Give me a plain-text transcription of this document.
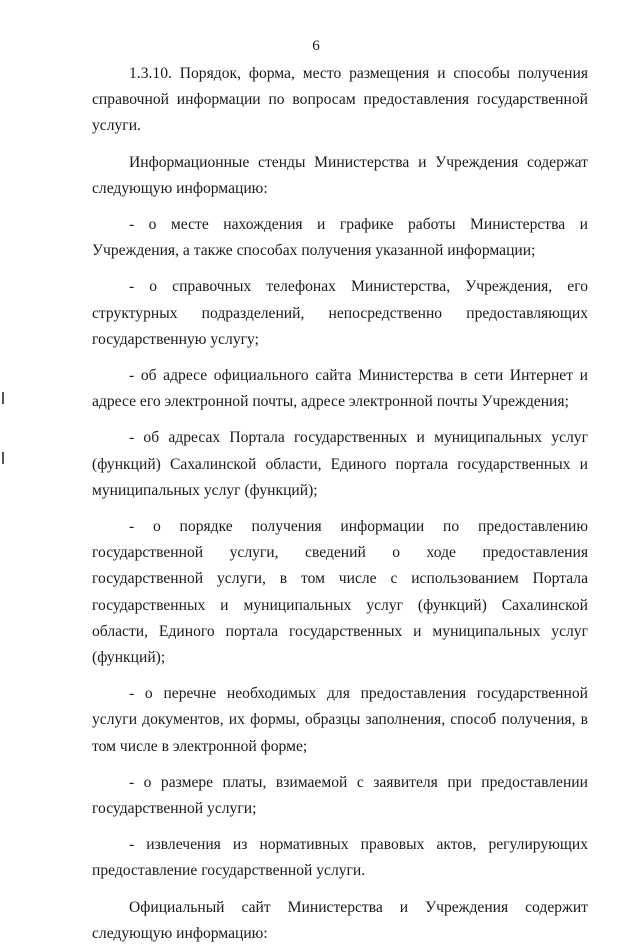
6

1.3.10. Порядок, форма, место размещения и способы получения справочной информации по вопросам предоставления государственной услуги.

Информационные стенды Министерства и Учреждения содержат следующую информацию:

- о месте нахождения и графике работы Министерства и Учреждения, а также способах получения указанной информации;

- о справочных телефонах Министерства, Учреждения, его структурных подразделений, непосредственно предоставляющих государственную услугу;

- об адресе официального сайта Министерства в сети Интернет и адресе его электронной почты, адресе электронной почты Учреждения;

- об адресах Портала государственных и муниципальных услуг (функций) Сахалинской области, Единого портала государственных и муниципальных услуг (функций);

- о порядке получения информации по предоставлению государственной услуги, сведений о ходе предоставления государственной услуги, в том числе с использованием Портала государственных и муниципальных услуг (функций) Сахалинской области, Единого портала государственных и муниципальных услуг (функций);

- о перечне необходимых для предоставления государственной услуги документов, их формы, образцы заполнения, способ получения, в том числе в электронной форме;

- о размере платы, взимаемой с заявителя при предоставлении государственной услуги;

- извлечения из нормативных правовых актов, регулирующих предоставление государственной услуги.

Официальный сайт Министерства и Учреждения содержит следующую информацию:
